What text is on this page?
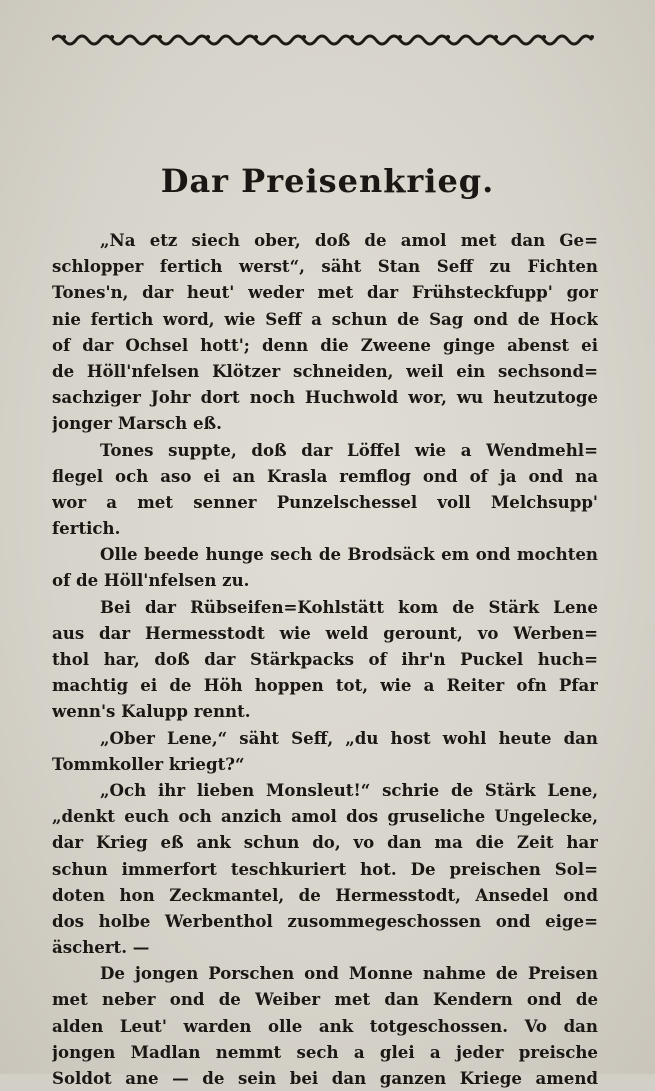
Dar Preisenkrieg.
„Na etz siech ober, doß de amol met dan Ge=
schlopper fertich werst“, säht Stan Seff zu Fichten
Tones'n, dar heut' weder met dar Frühsteckfupp' gor
nie fertich word, wie Seff a schun de Sag ond de Hock
of dar Ochsel hott'; denn die Zweene ginge abenst ei
de Höll'nfelsen Klötzer schneiden, weil ein sechsond=
sachziger Johr dort noch Huchwold wor, wu heutzutoge
jonger Marsch eß.
Tones suppte, doß dar Löffel wie a Wendmehl=
flegel och aso ei an Krasla remflog ond of ja ond na
wor a met senner Punzelschessel voll Melchsupp'
fertich.
Olle beede hunge sech de Brodsäck em ond mochten
of de Höll'nfelsen zu.
Bei dar Rübseifen=Kohlstätt kom de Stärk Lene
aus dar Hermesstodt wie weld gerount, vo Werben=
thol har, doß dar Stärkpacks of ihr'n Puckel huch=
machtig ei de Höh hoppen tot, wie a Reiter ofn Pfar
wenn's Kalupp rennt.
„Ober Lene,“ säht Seff, „du host wohl heute dan
Tommkoller kriegt?“
„Och ihr lieben Monsleut!“ schrie de Stärk Lene,
„denkt euch och anzich amol dos gruseliche Ungelecke,
dar Krieg eß ank schun do, vo dan ma die Zeit har
schun immerfort teschkuriert hot. De preischen Sol=
doten hon Zeckmantel, de Hermesstodt, Ansedel ond
dos holbe Werbenthol zusommegeschossen ond eige=
äschert. —
De jongen Porschen ond Monne nahme de Preisen
met neber ond de Weiber met dan Kendern ond de
alden Leut' warden olle ank totgeschossen. Vo dan
jongen Madlan nemmt sech a glei a jeder preische
Soldot ane — de sein bei dan ganzen Kriege amend
